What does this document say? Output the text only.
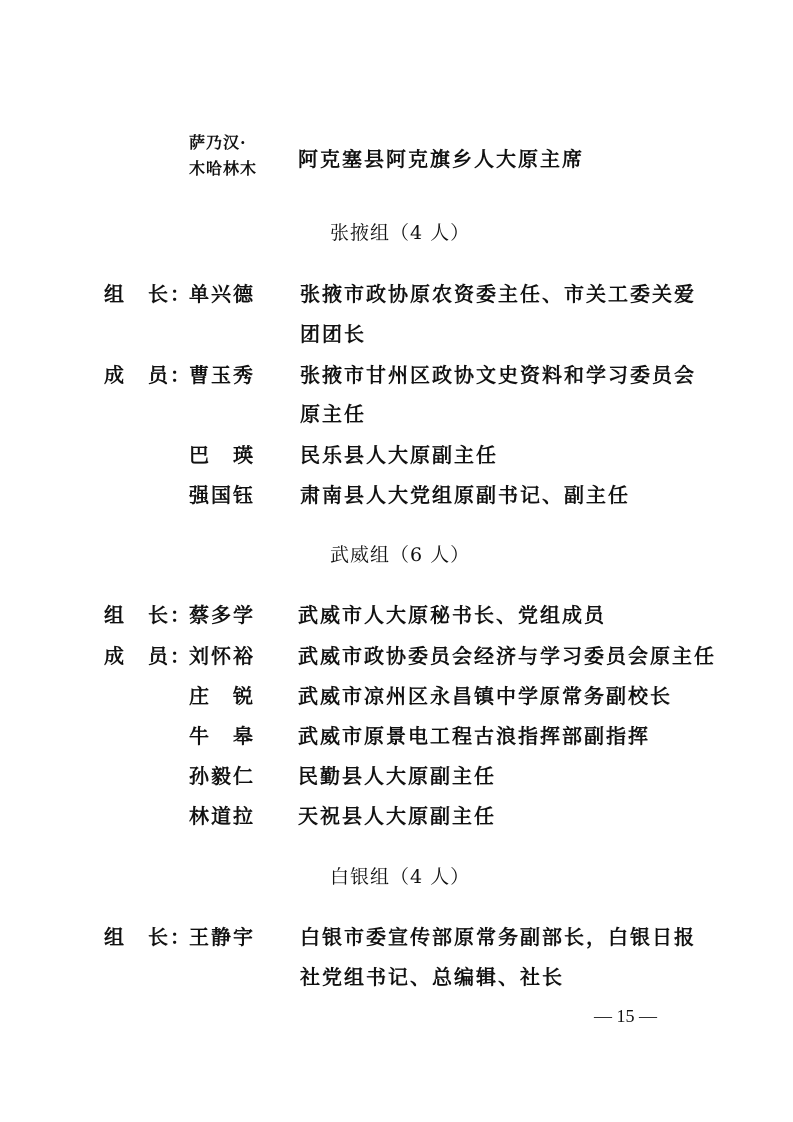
萨乃汉·
木哈林木 阿克塞县阿克旗乡人大原主席
张掖组（4 人）
组　长：
单兴德 张掖市政协原农资委主任、市关工委关爱
团团长
成　员：
曹玉秀 张掖市甘州区政协文史资料和学习委员会
原主任
巴　瑛 民乐县人大原副主任
强国钰 肃南县人大党组原副书记、副主任
武威组（6 人）
组　长：
蔡多学 武威市人大原秘书长、党组成员
成　员：
刘怀裕 武威市政协委员会经济与学习委员会原主任
庄　锐 武威市凉州区永昌镇中学原常务副校长
牛　皋 武威市原景电工程古浪指挥部副指挥
孙毅仁 民勤县人大原副主任
林道拉 天祝县人大原副主任
白银组（4 人）
组　长：
王静宇 白银市委宣传部原常务副部长，白银日报
社党组书记、总编辑、社长
— 15 —
